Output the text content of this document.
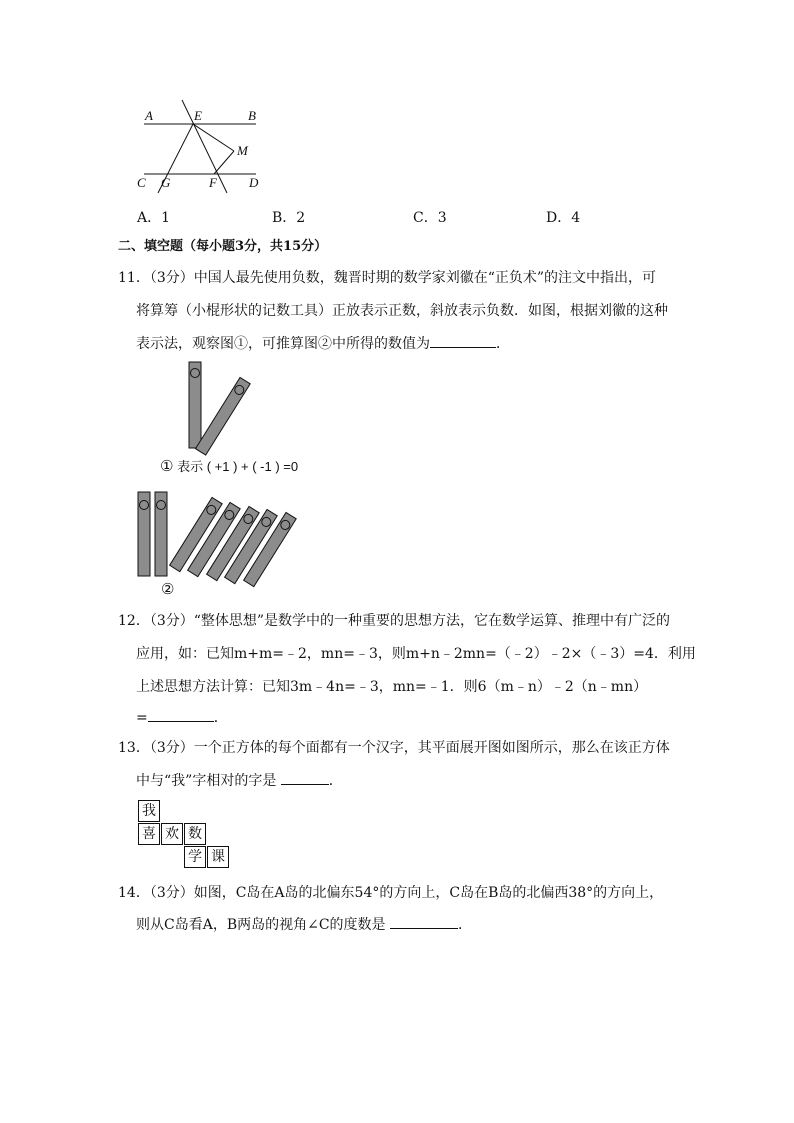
A	E	B
M
C G	F D
A．1	B．2	C．3	D．4
二、填空题（每小题3分，共15分）
11．（3分）中国人最先使用负数，魏晋时期的数学家刘徽在“正负术”的注文中指出，可
将算筹（小棍形状的记数工具）正放表示正数，斜放表示负数．如图，根据刘徽的这种
表示法，观察图①，可推算图②中所得的数值为	．
① 表示 ( +1 ) + ( -1 ) =0
②
12．（3分）“整体思想”是数学中的一种重要的思想方法，它在数学运算、推理中有广泛的
应用，如：已知m+m=﹣2，mn=﹣3，则m+n﹣2mn=（﹣2）﹣2×（﹣3）=4．利用
上述思想方法计算：已知3m﹣4n=﹣3，mn=﹣1．则6（m﹣n）﹣2（n﹣mn）
=	．
13．（3分）一个正方体的每个面都有一个汉字，其平面展开图如图所示，那么在该正方体
中与“我”字相对的字是	．
我
喜 欢 数
学 课
14．（3分）如图，C岛在A岛的北偏东54°的方向上，C岛在B岛的北偏西38°的方向上，
则从C岛看A，B两岛的视角∠C的度数是	．
